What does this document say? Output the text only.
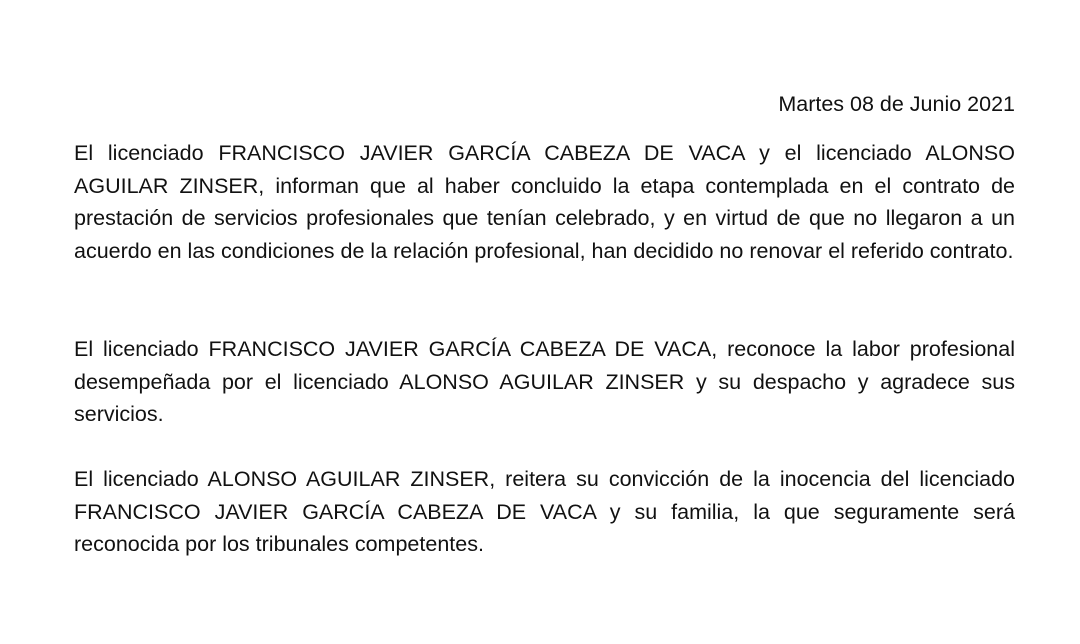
Martes 08 de Junio 2021

El licenciado FRANCISCO JAVIER GARCÍA CABEZA DE VACA y el licenciado ALONSO AGUILAR ZINSER, informan que al haber concluido la etapa contemplada en el contrato de prestación de servicios profesionales que tenían celebrado, y en virtud de que no llegaron a un acuerdo en las condiciones de la relación profesional, han decidido no renovar el referido contrato.

El licenciado FRANCISCO JAVIER GARCÍA CABEZA DE VACA, reconoce la labor profesional desempeñada por el licenciado ALONSO AGUILAR ZINSER y su despacho y agradece sus servicios.

El licenciado ALONSO AGUILAR ZINSER, reitera su convicción de la inocencia del licenciado FRANCISCO JAVIER GARCÍA CABEZA DE VACA y su familia, la que seguramente será reconocida por los tribunales competentes.
